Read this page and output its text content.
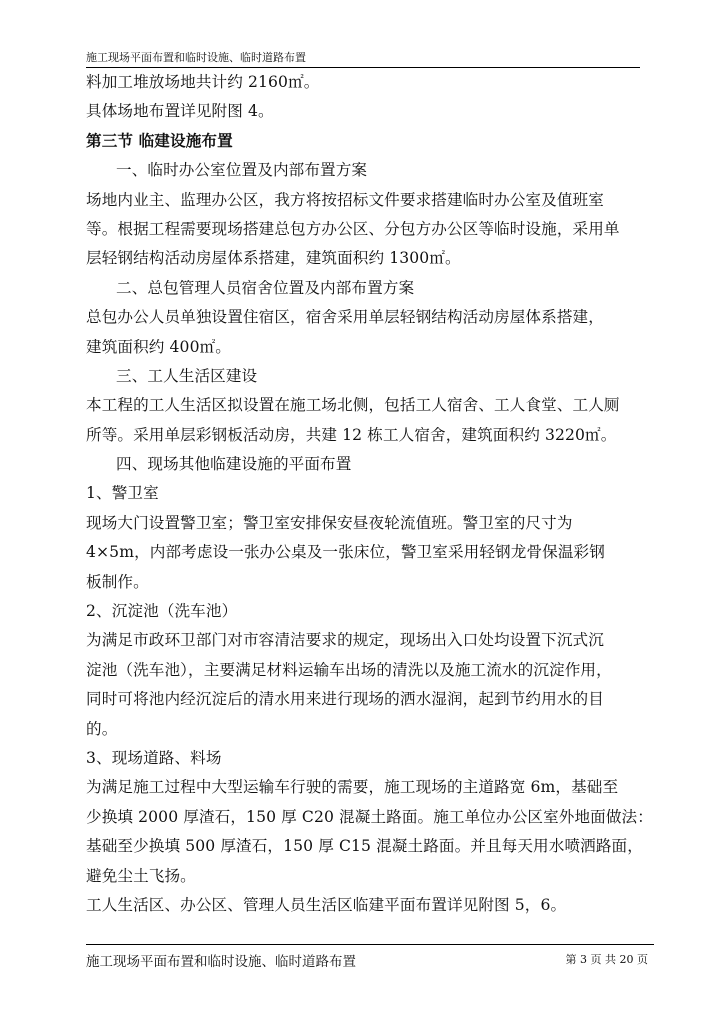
施工现场平面布置和临时设施、临时道路布置
料加工堆放场地共计约 2160㎡。
具体场地布置详见附图 4。
第三节 临建设施布置
一、临时办公室位置及内部布置方案
场地内业主、监理办公区，我方将按招标文件要求搭建临时办公室及值班室
等。根据工程需要现场搭建总包方办公区、分包方办公区等临时设施，采用单
层轻钢结构活动房屋体系搭建，建筑面积约 1300㎡。
二、总包管理人员宿舍位置及内部布置方案
总包办公人员单独设置住宿区，宿舍采用单层轻钢结构活动房屋体系搭建，
建筑面积约 400㎡。
三、工人生活区建设
本工程的工人生活区拟设置在施工场北侧，包括工人宿舍、工人食堂、工人厕
所等。采用单层彩钢板活动房，共建 12 栋工人宿舍，建筑面积约 3220㎡。
四、现场其他临建设施的平面布置
1、警卫室
现场大门设置警卫室；警卫室安排保安昼夜轮流值班。警卫室的尺寸为
4×5m，内部考虑设一张办公桌及一张床位，警卫室采用轻钢龙骨保温彩钢
板制作。
2、沉淀池（洗车池）
为满足市政环卫部门对市容清洁要求的规定，现场出入口处均设置下沉式沉
淀池（洗车池），主要满足材料运输车出场的清洗以及施工流水的沉淀作用，
同时可将池内经沉淀后的清水用来进行现场的洒水湿润，起到节约用水的目
的。
3、现场道路、料场
为满足施工过程中大型运输车行驶的需要，施工现场的主道路宽 6m，基础至
少换填 2000 厚渣石，150 厚 C20 混凝土路面。施工单位办公区室外地面做法：
基础至少换填 500 厚渣石，150 厚 C15 混凝土路面。并且每天用水喷洒路面，
避免尘土飞扬。
工人生活区、办公区、管理人员生活区临建平面布置详见附图 5，6。
施工现场平面布置和临时设施、临时道路布置	第 3 页 共 20 页
